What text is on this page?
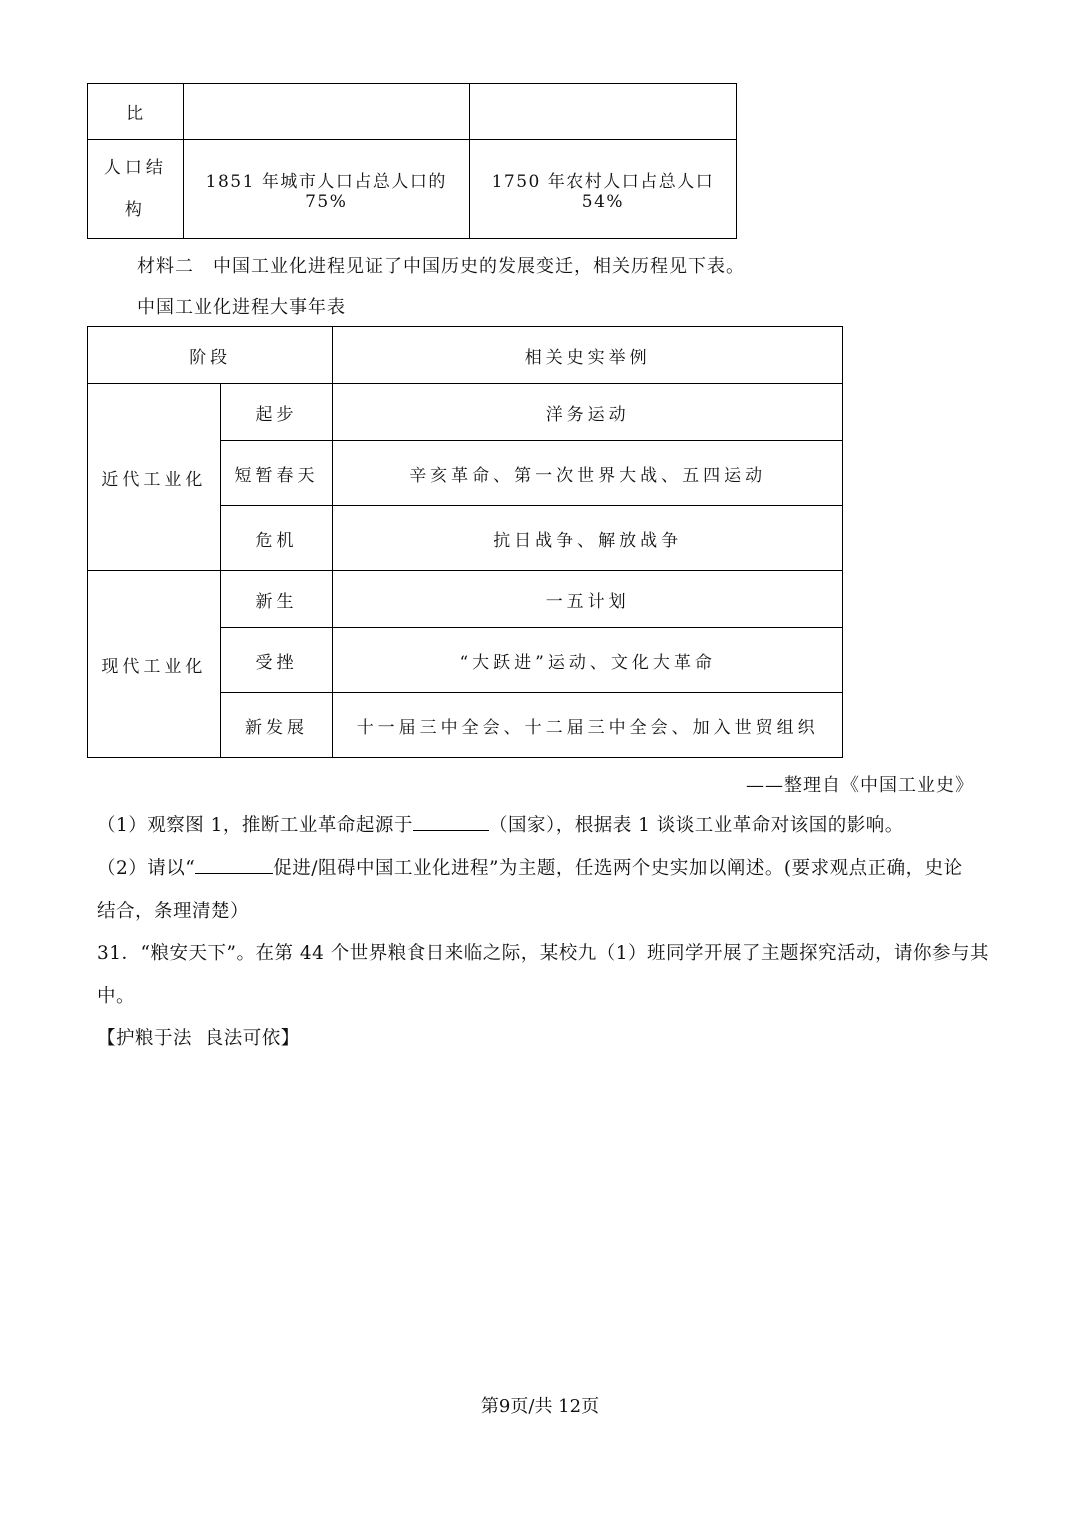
比		

人口结
构	1851 年城市人口占总人口的 75%	1750 年农村人口占总人口 54%
材料二　中国工业化进程见证了中国历史的发展变迁，相关历程见下表。
中国工业化进程大事年表
阶段		相关史实举例
近代工业化	起步	洋务运动
	短暂春天	辛亥革命、第一次世界大战、五四运动
	危机	抗日战争、解放战争
现代工业化	新生	一五计划
	受挫	“大跃进”运动、文化大革命
	新发展	十一届三中全会、十二届三中全会、加入世贸组织
——整理自《中国工业史》
（1）观察图 1，推断工业革命起源于	（国家），根据表 1 谈谈工业革命对该国的影响。
（2）请以“	促进/阻碍中国工业化进程”为主题，任选两个史实加以阐述。(要求观点正确，史论
结合，条理清楚）
31．“粮安天下”。在第 44 个世界粮食日来临之际，某校九（1）班同学开展了主题探究活动，请你参与其
中。
【护粮于法  良法可依】
第9页/共 12页
